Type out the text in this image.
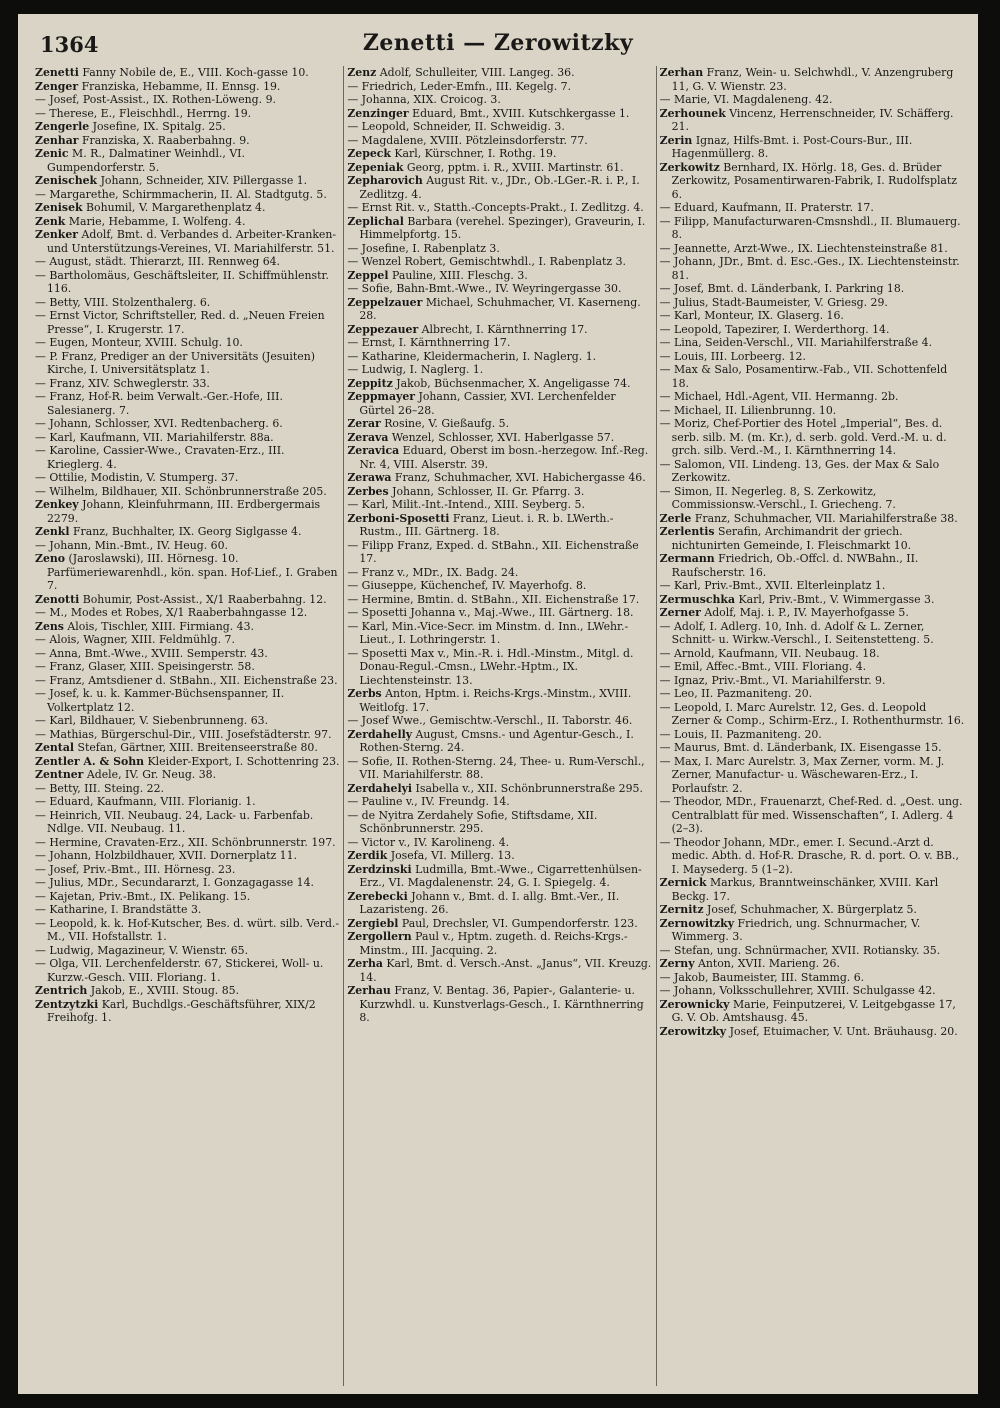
1364	Zenetti — Zerowitzky

Zenetti Fanny Nobile de, E., VIII. Koch-gasse 10.

Zenger Franziska, Hebamme, II. Ennsg. 19.

— Josef, Post-Assist., IX. Rothen-Löweng. 9.

— Therese, E., Fleischhdl., Herrng. 19.

Zengerle Josefine, IX. Spitalg. 25.

Zenhar Franziska, X. Raaberbahng. 9.

Zenic M. R., Dalmatiner Weinhdl., VI. Gumpendorferstr. 5.

Zenischek Johann, Schneider, XIV. Pillergasse 1.

— Margarethe, Schirmmacherin, II. Al. Stadtgutg. 5.

Zenisek Bohumil, V. Margarethenplatz 4.

Zenk Marie, Hebamme, I. Wolfeng. 4.

Zenker Adolf, Bmt. d. Verbandes d. Arbeiter-Kranken- und Unterstützungs-Vereines, VI. Mariahilferstr. 51.

— August, städt. Thierarzt, III. Rennweg 64.

— Bartholomäus, Geschäftsleiter, II. Schiffmühlenstr. 116.

— Betty, VIII. Stolzenthalerg. 6.

— Ernst Victor, Schriftsteller, Red. d. „Neuen Freien Presse“, I. Krugerstr. 17.

— Eugen, Monteur, XVIII. Schulg. 10.

— P. Franz, Prediger an der Universitäts (Jesuiten) Kirche, I. Universitätsplatz 1.

— Franz, XIV. Schweglerstr. 33.

— Franz, Hof-R. beim Verwalt.-Ger.-Hofe, III. Salesianerg. 7.

— Johann, Schlosser, XVI. Redtenbacherg. 6.

— Karl, Kaufmann, VII. Mariahilferstr. 88a.

— Karoline, Cassier-Wwe., Cravaten-Erz., III. Krieglerg. 4.

— Ottilie, Modistin, V. Stumperg. 37.

— Wilhelm, Bildhauer, XII. Schönbrunnerstraße 205.

Zenkey Johann, Kleinfuhrmann, III. Erdbergermais 2279.

Zenkl Franz, Buchhalter, IX. Georg Siglgasse 4.

— Johann, Min.-Bmt., IV. Heug. 60.

Zeno (Jaroslawski), III. Hörnesg. 10. Parfümeriewarenhdl., kön. span. Hof-Lief., I. Graben 7.

Zenotti Bohumir, Post-Assist., X/1 Raaberbahng. 12.

— M., Modes et Robes, X/1 Raaberbahngasse 12.

Zens Alois, Tischler, XIII. Firmiang. 43.

— Alois, Wagner, XIII. Feldmühlg. 7.

— Anna, Bmt.-Wwe., XVIII. Semperstr. 43.

— Franz, Glaser, XIII. Speisingerstr. 58.

— Franz, Amtsdiener d. StBahn., XII. Eichenstraße 23.

— Josef, k. u. k. Kammer-Büchsenspanner, II. Volkertplatz 12.

— Karl, Bildhauer, V. Siebenbrunneng. 63.

— Mathias, Bürgerschul-Dir., VIII. Josefstädterstr. 97.

Zental Stefan, Gärtner, XIII. Breitenseerstraße 80.

Zentler A. & Sohn Kleider-Export, I. Schottenring 23.

Zentner Adele, IV. Gr. Neug. 38.

— Betty, III. Steing. 22.

— Eduard, Kaufmann, VIII. Florianig. 1.

— Heinrich, VII. Neubaug. 24, Lack- u. Farbenfab. Ndlge. VII. Neubaug. 11.

— Hermine, Cravaten-Erz., XII. Schönbrunnerstr. 197.

— Johann, Holzbildhauer, XVII. Dornerplatz 11.

— Josef, Priv.-Bmt., III. Hörnesg. 23.

— Julius, MDr., Secundararzt, I. Gonzagagasse 14.

— Kajetan, Priv.-Bmt., IX. Pelikang. 15.

— Katharine, I. Brandstätte 3.

— Leopold, k. k. Hof-Kutscher, Bes. d. würt. silb. Verd.-M., VII. Hofstallstr. 1.

— Ludwig, Magazineur, V. Wienstr. 65.

— Olga, VII. Lerchenfelderstr. 67, Stickerei, Woll- u. Kurzw.-Gesch. VIII. Floriang. 1.

Zentrich Jakob, E., XVIII. Stoug. 85.

Zentzytzki Karl, Buchdlgs.-Geschäftsführer, XIX/2 Freihofg. 1.

Zenz Adolf, Schulleiter, VIII. Langeg. 36.

— Friedrich, Leder-Emfn., III. Kegelg. 7.

— Johanna, XIX. Croicog. 3.

Zenzinger Eduard, Bmt., XVIII. Kutschkergasse 1.

— Leopold, Schneider, II. Schweidig. 3.

— Magdalene, XVIII. Pötzleinsdorferstr. 77.

Zepeck Karl, Kürschner, I. Rothg. 19.

Zepeniak Georg, pptm. i. R., XVIII. Martinstr. 61.

Zepharovich August Rit. v., JDr., Ob.-LGer.-R. i. P., I. Zedlitzg. 4.

— Ernst Rit. v., Statth.-Concepts-Prakt., I. Zedlitzg. 4.

Zeplichal Barbara (verehel. Spezinger), Graveurin, I. Himmelpfortg. 15.

— Josefine, I. Rabenplatz 3.

— Wenzel Robert, Gemischtwhdl., I. Rabenplatz 3.

Zeppel Pauline, XIII. Fleschg. 3.

— Sofie, Bahn-Bmt.-Wwe., IV. Weyringergasse 30.

Zeppelzauer Michael, Schuhmacher, VI. Kaserneng. 28.

Zeppezauer Albrecht, I. Kärnthnerring 17.

— Ernst, I. Kärnthnerring 17.

— Katharine, Kleidermacherin, I. Naglerg. 1.

— Ludwig, I. Naglerg. 1.

Zeppitz Jakob, Büchsenmacher, X. Angeligasse 74.

Zeppmayer Johann, Cassier, XVI. Lerchenfelder Gürtel 26–28.

Zerar Rosine, V. Gießaufg. 5.

Zerava Wenzel, Schlosser, XVI. Haberlgasse 57.

Zeravica Eduard, Oberst im bosn.-herzegow. Inf.-Reg. Nr. 4, VIII. Alserstr. 39.

Zerawa Franz, Schuhmacher, XVI. Habichergasse 46.

Zerbes Johann, Schlosser, II. Gr. Pfarrg. 3.

— Karl, Milit.-Int.-Intend., XIII. Seyberg. 5.

Zerboni-Sposetti Franz, Lieut. i. R. b. LWerth.-Rustm., III. Gärtnerg. 18.

— Filipp Franz, Exped. d. StBahn., XII. Eichenstraße 17.

— Franz v., MDr., IX. Badg. 24.

— Giuseppe, Küchenchef, IV. Mayerhofg. 8.

— Hermine, Bmtin. d. StBahn., XII. Eichenstraße 17.

— Sposetti Johanna v., Maj.-Wwe., III. Gärtnerg. 18.

— Karl, Min.-Vice-Secr. im Minstm. d. Inn., LWehr.-Lieut., I. Lothringerstr. 1.

— Sposetti Max v., Min.-R. i. Hdl.-Minstm., Mitgl. d. Donau-Regul.-Cmsn., LWehr.-Hptm., IX. Liechtensteinstr. 13.

Zerbs Anton, Hptm. i. Reichs-Krgs.-Minstm., XVIII. Weitlofg. 17.

— Josef Wwe., Gemischtw.-Verschl., II. Taborstr. 46.

Zerdahelly August, Cmsns.- und Agentur-Gesch., I. Rothen-Sterng. 24.

— Sofie, II. Rothen-Sterng. 24, Thee- u. Rum-Verschl., VII. Mariahilferstr. 88.

Zerdahelyi Isabella v., XII. Schönbrunnerstraße 295.

— Pauline v., IV. Freundg. 14.

— de Nyitra Zerdahely Sofie, Stiftsdame, XII. Schönbrunnerstr. 295.

— Victor v., IV. Karolineng. 4.

Zerdik Josefa, VI. Millerg. 13.

Zerdzinski Ludmilla, Bmt.-Wwe., Cigarrettenhülsen-Erz., VI. Magdalenenstr. 24, G. I. Spiegelg. 4.

Zerebecki Johann v., Bmt. d. I. allg. Bmt.-Ver., II. Lazaristeng. 26.

Zergiebl Paul, Drechsler, VI. Gumpendorferstr. 123.

Zergollern Paul v., Hptm. zugeth. d. Reichs-Krgs.-Minstm., III. Jacquing. 2.

Zerha Karl, Bmt. d. Versch.-Anst. „Janus“, VII. Kreuzg. 14.

Zerhau Franz, V. Bentag. 36, Papier-, Galanterie- u. Kurzwhdl. u. Kunstverlags-Gesch., I. Kärnthnerring 8.

Zerhan Franz, Wein- u. Selchwhdl., V. Anzengruberg 11, G. V. Wienstr. 23.

— Marie, VI. Magdaleneng. 42.

Zerhounek Vincenz, Herrenschneider, IV. Schäfferg. 21.

Zerin Ignaz, Hilfs-Bmt. i. Post-Cours-Bur., III. Hagenmüllerg. 8.

Zerkowitz Bernhard, IX. Hörlg. 18, Ges. d. Brüder Zerkowitz, Posamentirwaren-Fabrik, I. Rudolfsplatz 6.

— Eduard, Kaufmann, II. Praterstr. 17.

— Filipp, Manufacturwaren-Cmsnshdl., II. Blumauerg. 8.

— Jeannette, Arzt-Wwe., IX. Liechtensteinstraße 81.

— Johann, JDr., Bmt. d. Esc.-Ges., IX. Liechtensteinstr. 81.

— Josef, Bmt. d. Länderbank, I. Parkring 18.

— Julius, Stadt-Baumeister, V. Griesg. 29.

— Karl, Monteur, IX. Glaserg. 16.

— Leopold, Tapezirer, I. Werderthorg. 14.

— Lina, Seiden-Verschl., VII. Mariahilferstraße 4.

— Louis, III. Lorbeerg. 12.

— Max & Salo, Posamentirw.-Fab., VII. Schottenfeld 18.

— Michael, Hdl.-Agent, VII. Hermanng. 2b.

— Michael, II. Lilienbrunng. 10.

— Moriz, Chef-Portier des Hotel „Imperial“, Bes. d. serb. silb. M. (m. Kr.), d. serb. gold. Verd.-M. u. d. grch. silb. Verd.-M., I. Kärnthnerring 14.

— Salomon, VII. Lindeng. 13, Ges. der Max & Salo Zerkowitz.

— Simon, II. Negerleg. 8, S. Zerkowitz, Commissionsw.-Verschl., I. Griecheng. 7.

Zerle Franz, Schuhmacher, VII. Mariahilferstraße 38.

Zerlentis Serafin, Archimandrit der griech. nichtunirten Gemeinde, I. Fleischmarkt 10.

Zermann Friedrich, Ob.-Offcl. d. NWBahn., II. Raufscherstr. 16.

— Karl, Priv.-Bmt., XVII. Elterleinplatz 1.

Zermuschka Karl, Priv.-Bmt., V. Wimmergasse 3.

Zerner Adolf, Maj. i. P., IV. Mayerhofgasse 5.

— Adolf, I. Adlerg. 10, Inh. d. Adolf & L. Zerner, Schnitt- u. Wirkw.-Verschl., I. Seitenstetteng. 5.

— Arnold, Kaufmann, VII. Neubaug. 18.

— Emil, Affec.-Bmt., VIII. Floriang. 4.

— Ignaz, Priv.-Bmt., VI. Mariahilferstr. 9.

— Leo, II. Pazmaniteng. 20.

— Leopold, I. Marc Aurelstr. 12, Ges. d. Leopold Zerner & Comp., Schirm-Erz., I. Rothenthurmstr. 16.

— Louis, II. Pazmaniteng. 20.

— Maurus, Bmt. d. Länderbank, IX. Eisengasse 15.

— Max, I. Marc Aurelstr. 3, Max Zerner, vorm. M. J. Zerner, Manufactur- u. Wäschewaren-Erz., I. Porlaufstr. 2.

— Theodor, MDr., Frauenarzt, Chef-Red. d. „Oest. ung. Centralblatt für med. Wissenschaften“, I. Adlerg. 4 (2–3).

— Theodor Johann, MDr., emer. I. Secund.-Arzt d. medic. Abth. d. Hof-R. Drasche, R. d. port. O. v. BB., I. Maysederg. 5 (1–2).

Zernick Markus, Branntweinschänker, XVIII. Karl Beckg. 17.

Zernitz Josef, Schuhmacher, X. Bürgerplatz 5.

Zernowitzky Friedrich, ung. Schnurmacher, V. Wimmerg. 3.

— Stefan, ung. Schnürmacher, XVII. Rotiansky. 35.

Zerny Anton, XVII. Marieng. 26.

— Jakob, Baumeister, III. Stammg. 6.

— Johann, Volksschullehrer, XVIII. Schulgasse 42.

Zerownicky Marie, Feinputzerei, V. Leitgebgasse 17, G. V. Ob. Amtshausg. 45.

Zerowitzky Josef, Etuimacher, V. Unt. Bräuhausg. 20.
